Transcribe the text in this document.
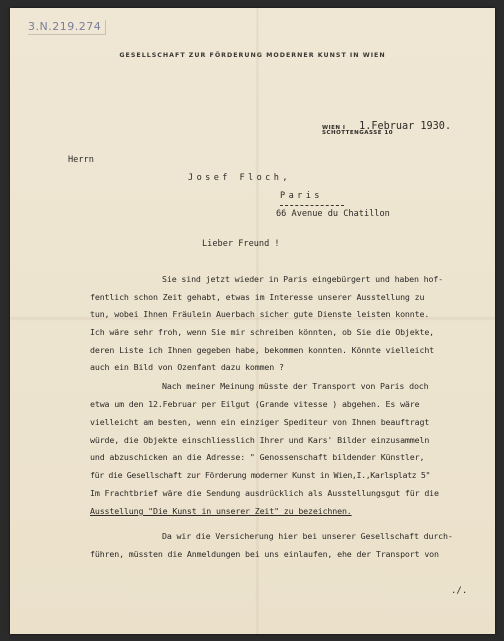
3.N.219.274
GESELLSCHAFT ZUR FÖRDERUNG MODERNER KUNST IN WIEN
WIEN I 1.Februar 1930.
SCHOTTENGASSE 10
Herrn
Josef Floch,
Paris
66 Avenue du Chatillon
Lieber Freund !
Sie sind jetzt wieder in Paris eingebürgert und haben hof-
fentlich schon Zeit gehabt, etwas im Interesse unserer Ausstellung zu
tun, wobei Ihnen Fräulein Auerbach sicher gute Dienste leisten konnte.
Ich wäre sehr froh, wenn Sie mir schreiben könnten, ob Sie die Objekte,
deren Liste ich Ihnen gegeben habe, bekommen konnten. Könnte vielleicht
auch ein Bild von Ozenfant dazu kommen ?
Nach meiner Meinung müsste der Transport von Paris doch
etwa um den 12.Februar per Eilgut (Grande vitesse ) abgehen. Es wäre
vielleicht am besten, wenn ein einziger Spediteur von Ihnen beauftragt
würde, die Objekte einschliesslich Ihrer und Kars' Bilder einzusammeln
und abzuschicken an die Adresse: " Genossenschaft bildender Künstler,
für die Gesellschaft zur Förderung moderner Kunst in Wien,I.,Karlsplatz 5"
Im Frachtbrief wäre die Sendung ausdrücklich als Ausstellungsgut für die
Ausstellung "Die Kunst in unserer Zeit" zu bezeichnen.
Da wir die Versicherung hier bei unserer Gesellschaft durch-
führen, müssten die Anmeldungen bei uns einlaufen, ehe der Transport von
./.
